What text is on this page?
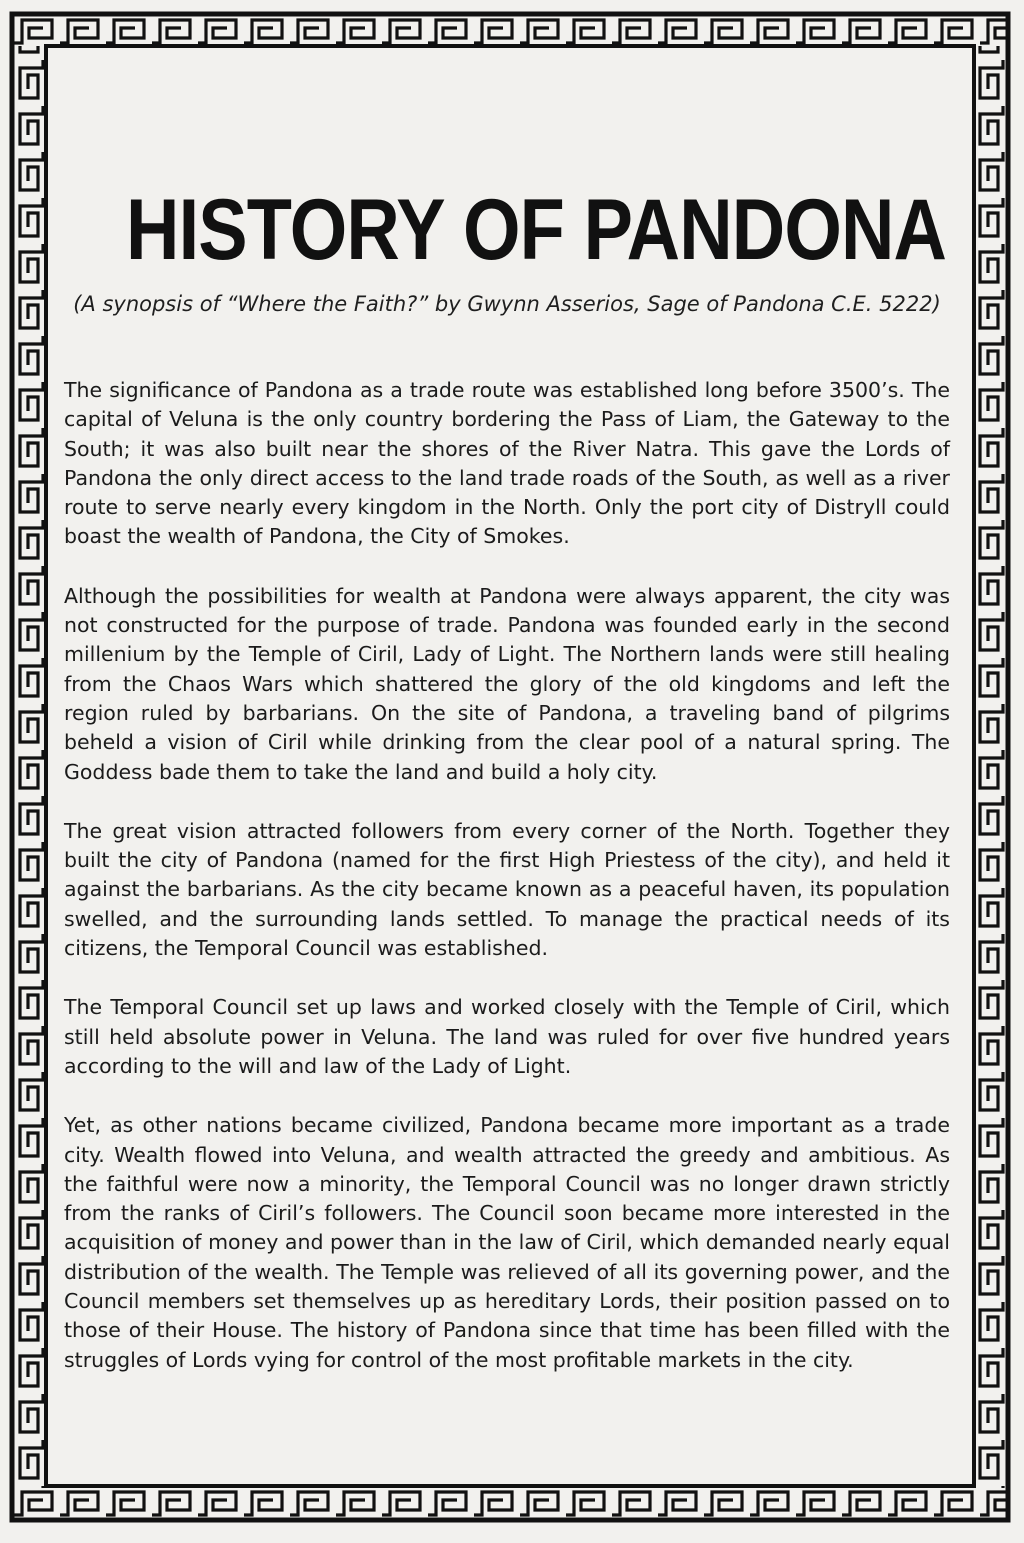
HISTORY OF PANDONA

(A synopsis of “Where the Faith?” by Gwynn Asserios, Sage of Pandona C.E. 5222)

The significance of Pandona as a trade route was established long before 3500’s. The capital of Veluna is the only country bordering the Pass of Liam, the Gateway to the South; it was also built near the shores of the River Natra. This gave the Lords of Pandona the only direct access to the land trade roads of the South, as well as a river route to serve nearly every kingdom in the North. Only the port city of Distryll could boast the wealth of Pandona, the City of Smokes.

Although the possibilities for wealth at Pandona were always apparent, the city was not constructed for the purpose of trade. Pandona was founded early in the second millenium by the Temple of Ciril, Lady of Light. The Northern lands were still healing from the Chaos Wars which shattered the glory of the old kingdoms and left the region ruled by barbarians. On the site of Pandona, a traveling band of pilgrims beheld a vision of Ciril while drinking from the clear pool of a natural spring. The Goddess bade them to take the land and build a holy city.

The great vision attracted followers from every corner of the North. Together they built the city of Pandona (named for the first High Priestess of the city), and held it against the barbarians. As the city became known as a peaceful haven, its population swelled, and the surrounding lands settled. To manage the practical needs of its citizens, the Temporal Council was established.

The Temporal Council set up laws and worked closely with the Temple of Ciril, which still held absolute power in Veluna. The land was ruled for over five hundred years according to the will and law of the Lady of Light.

Yet, as other nations became civilized, Pandona became more important as a trade city. Wealth flowed into Veluna, and wealth attracted the greedy and ambitious. As the faithful were now a minority, the Temporal Council was no longer drawn strictly from the ranks of Ciril’s followers. The Council soon became more interested in the acquisition of money and power than in the law of Ciril, which demanded nearly equal distribution of the wealth. The Temple was relieved of all its governing power, and the Council members set themselves up as hereditary Lords, their position passed on to those of their House. The history of Pandona since that time has been filled with the struggles of Lords vying for control of the most profitable markets in the city.
